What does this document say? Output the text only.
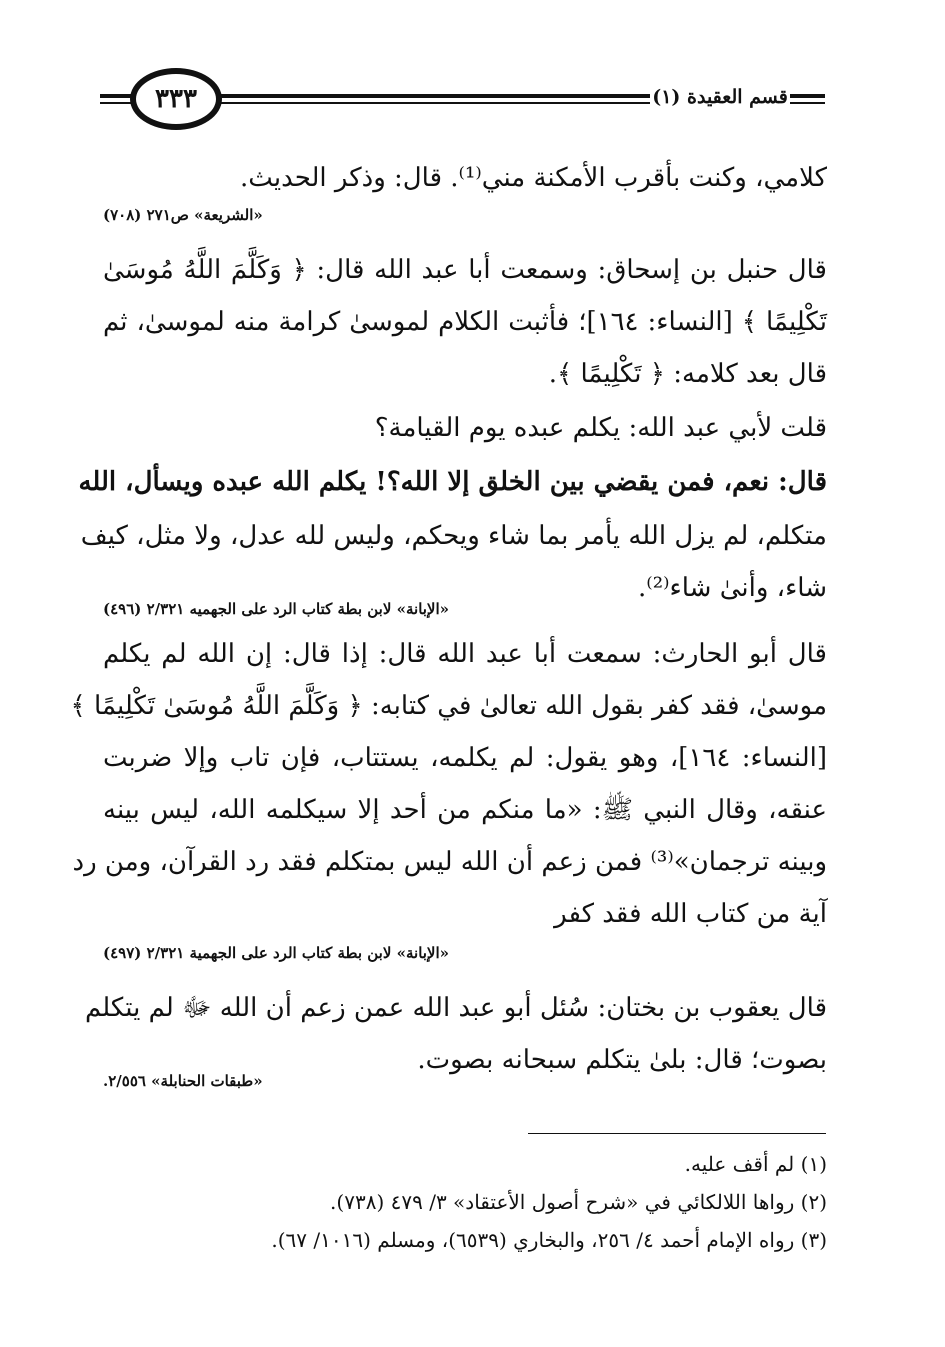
٣٣٣	قسم العقيدة (١)
كلامي، وكنت بأقرب الأمكنة مني⁽¹⁾. قال: وذكر الحديث.
«الشريعة» ص٢٧١ (٧٠٨)
قال حنبل بن إسحاق: وسمعت أبا عبد الله قال: ﴿ وَكَلَّمَ اللَّهُ مُوسَىٰ
تَكْلِيمًا ﴾ [النساء: ١٦٤]؛ فأثبت الكلام لموسىٰ كرامة منه لموسىٰ، ثم
قال بعد كلامه: ﴿ تَكْلِيمًا ﴾.
قلت لأبي عبد الله: يكلم عبده يوم القيامة؟
قال: نعم، فمن يقضي بين الخلق إلا الله؟! يكلم الله عبده ويسأل، الله
متكلم، لم يزل الله يأمر بما شاء ويحكم، وليس لله عدل، ولا مثل، كيف
شاء، وأنىٰ شاء⁽²⁾.
«الإبانة» لابن بطة كتاب الرد على الجهميه ٢/٣٢١ (٤٩٦)
قال أبو الحارث: سمعت أبا عبد الله قال: إذا قال: إن الله لم يكلم
موسىٰ، فقد كفر بقول الله تعالىٰ في كتابه: ﴿ وَكَلَّمَ اللَّهُ مُوسَىٰ تَكْلِيمًا ﴾
[النساء: ١٦٤]، وهو يقول: لم يكلمه، يستتاب، فإن تاب وإلا ضربت
عنقه، وقال النبي ﷺ: «ما منكم من أحد إلا سيكلمه الله، ليس بينه
وبينه ترجمان»⁽³⁾ فمن زعم أن الله ليس بمتكلم فقد رد القرآن، ومن رد
آية من كتاب الله فقد كفر
«الإبانة» لابن بطة كتاب الرد على الجهمية ٢/٣٢١ (٤٩٧)
قال يعقوب بن بختان: سُئل أبو عبد الله عمن زعم أن الله ﷻ لم يتكلم
بصوت؛ قال: بلىٰ يتكلم سبحانه بصوت.
«طبقات الحنابلة» ٢/٥٥٦.
(١) لم أقف عليه.
(٢) رواها اللالكائي في «شرح أصول الأعتقاد» ٣/ ٤٧٩ (٧٣٨).
(٣) رواه الإمام أحمد ٤/ ٢٥٦، والبخاري (٦٥٣٩)، ومسلم (١٠١٦/ ٦٧).
